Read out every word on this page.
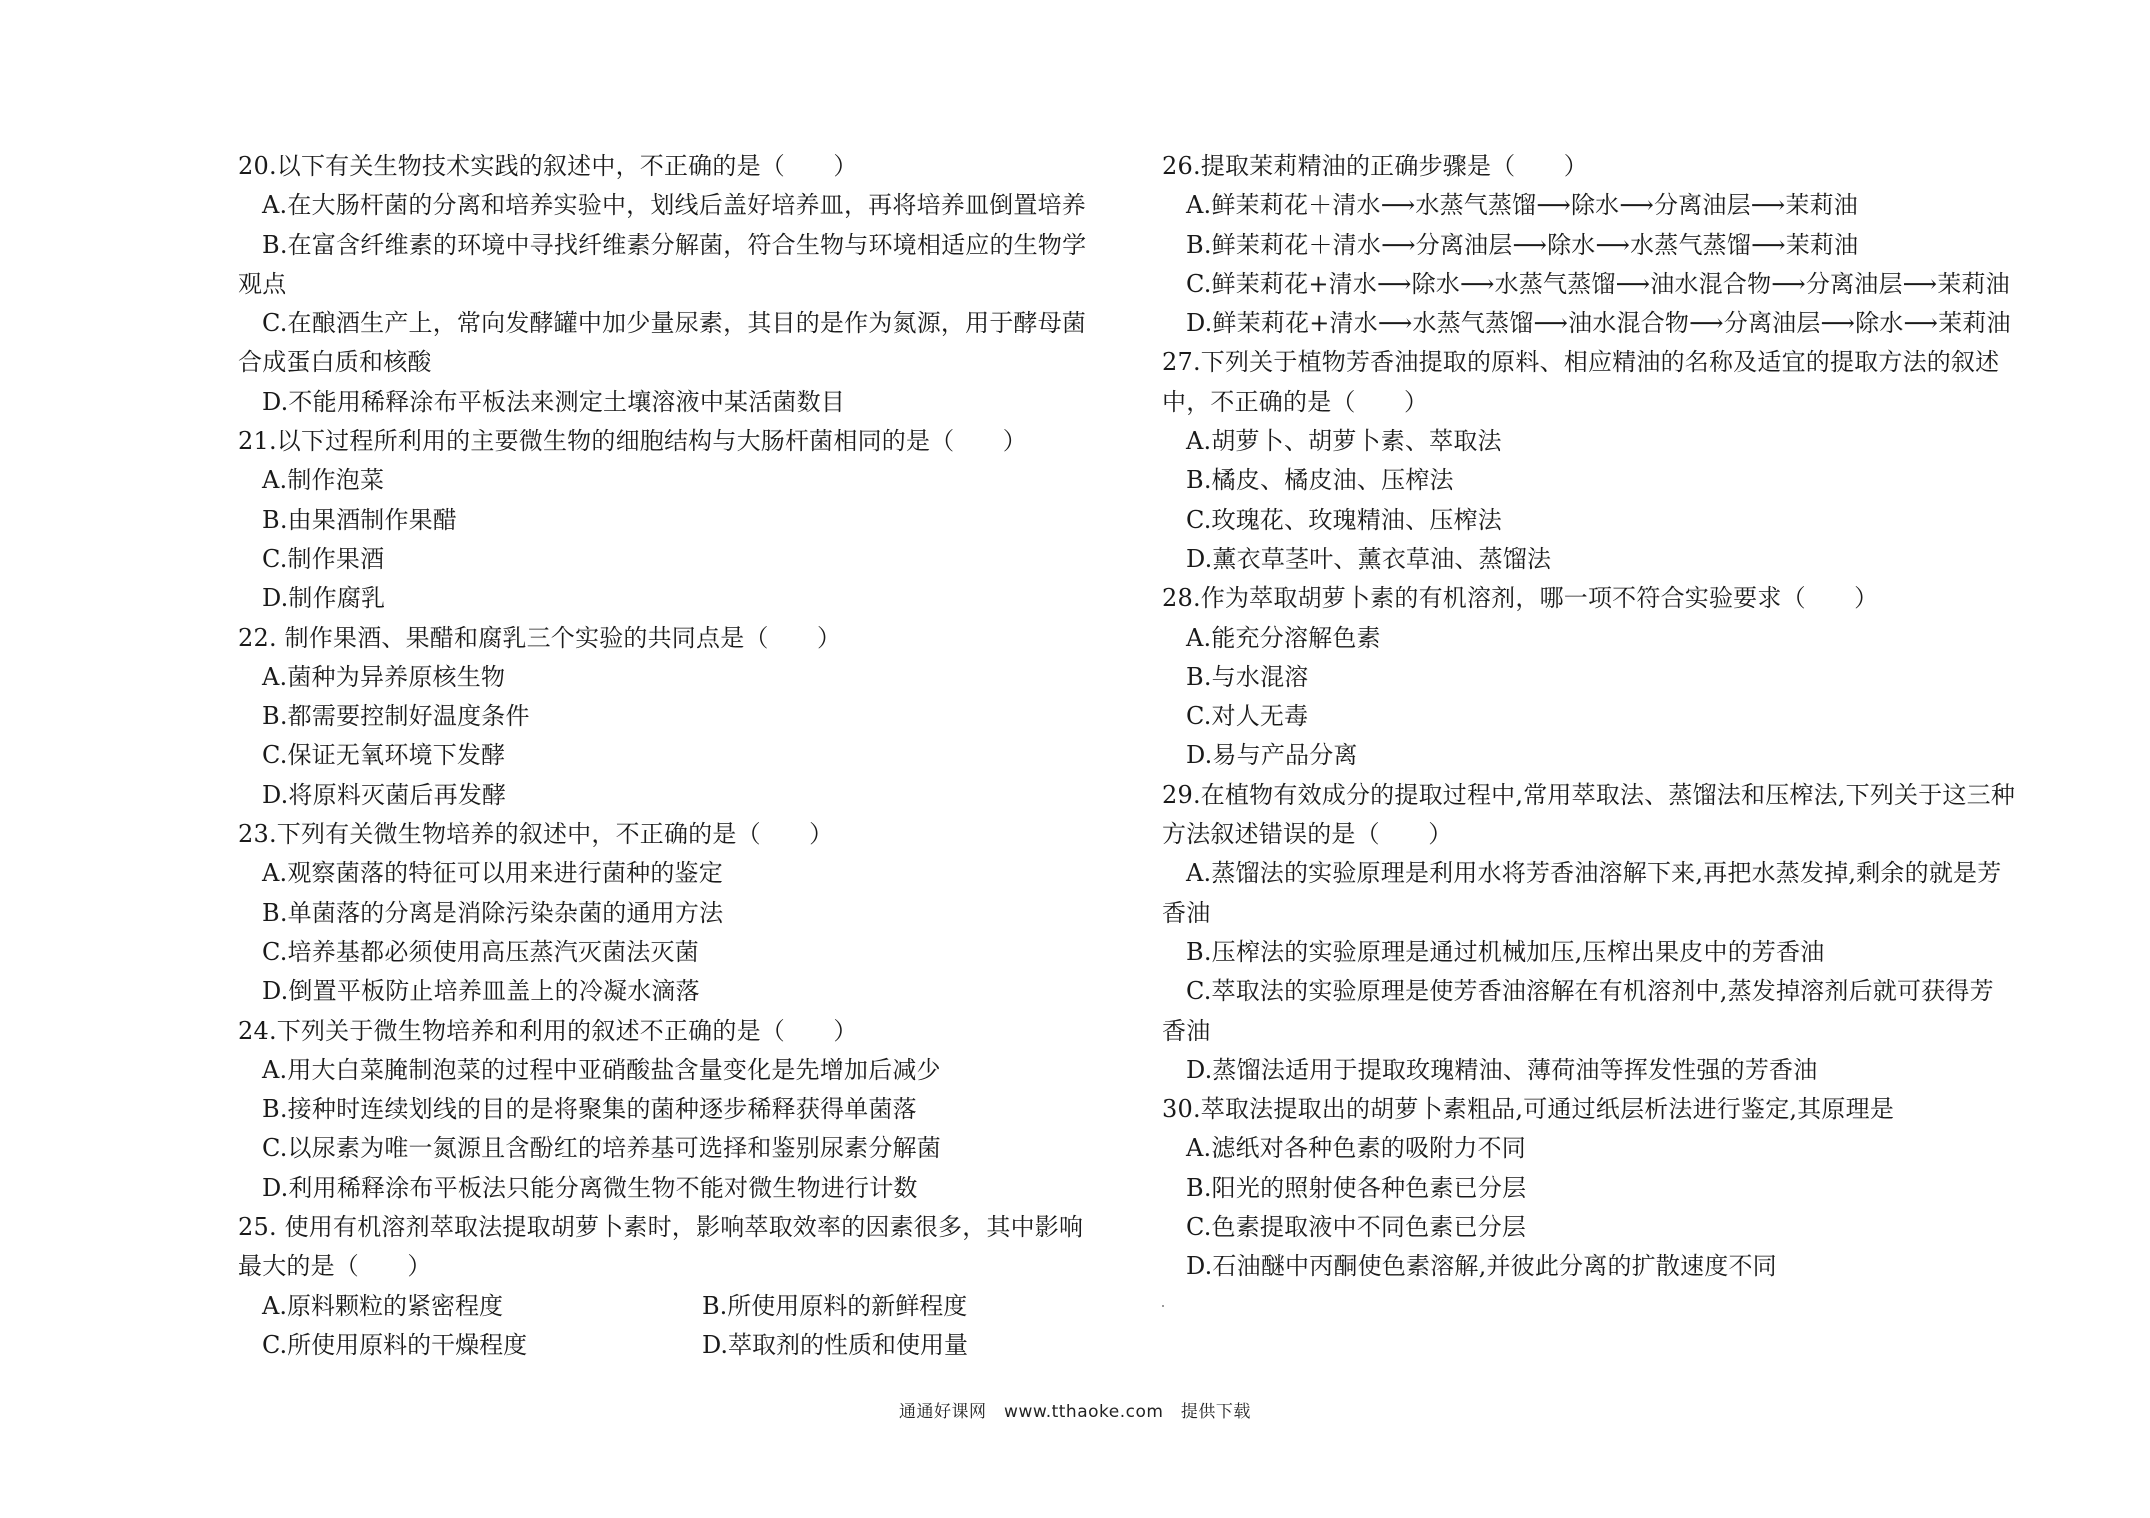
20.以下有关生物技术实践的叙述中，不正确的是（　　）
A.在大肠杆菌的分离和培养实验中，划线后盖好培养皿，再将培养皿倒置培养
B.在富含纤维素的环境中寻找纤维素分解菌，符合生物与环境相适应的生物学
观点
C.在酿酒生产上，常向发酵罐中加少量尿素，其目的是作为氮源，用于酵母菌
合成蛋白质和核酸
D.不能用稀释涂布平板法来测定土壤溶液中某活菌数目
21.以下过程所利用的主要微生物的细胞结构与大肠杆菌相同的是（　　）
A.制作泡菜
B.由果酒制作果醋
C.制作果酒
D.制作腐乳
22. 制作果酒、果醋和腐乳三个实验的共同点是（　　）
A.菌种为异养原核生物
B.都需要控制好温度条件
C.保证无氧环境下发酵
D.将原料灭菌后再发酵
23.下列有关微生物培养的叙述中，不正确的是（　　）
A.观察菌落的特征可以用来进行菌种的鉴定
B.单菌落的分离是消除污染杂菌的通用方法
C.培养基都必须使用高压蒸汽灭菌法灭菌
D.倒置平板防止培养皿盖上的冷凝水滴落
24.下列关于微生物培养和利用的叙述不正确的是（　　）
A.用大白菜腌制泡菜的过程中亚硝酸盐含量变化是先增加后减少
B.接种时连续划线的目的是将聚集的菌种逐步稀释获得单菌落
C.以尿素为唯一氮源且含酚红的培养基可选择和鉴别尿素分解菌
D.利用稀释涂布平板法只能分离微生物不能对微生物进行计数
25. 使用有机溶剂萃取法提取胡萝卜素时，影响萃取效率的因素很多，其中影响
最大的是（　　）
A.原料颗粒的紧密程度	B.所使用原料的新鲜程度
C.所使用原料的干燥程度	D.萃取剂的性质和使用量
26.提取茉莉精油的正确步骤是（　　）
A.鲜茉莉花＋清水⟶水蒸气蒸馏⟶除水⟶分离油层⟶茉莉油
B.鲜茉莉花＋清水⟶分离油层⟶除水⟶水蒸气蒸馏⟶茉莉油
C.鲜茉莉花+清水⟶除水⟶水蒸气蒸馏⟶油水混合物⟶分离油层⟶茉莉油
D.鲜茉莉花+清水⟶水蒸气蒸馏⟶油水混合物⟶分离油层⟶除水⟶茉莉油
27.下列关于植物芳香油提取的原料、相应精油的名称及适宜的提取方法的叙述
中，不正确的是（　　）
A.胡萝卜、胡萝卜素、萃取法
B.橘皮、橘皮油、压榨法
C.玫瑰花、玫瑰精油、压榨法
D.薰衣草茎叶、薰衣草油、蒸馏法
28.作为萃取胡萝卜素的有机溶剂，哪一项不符合实验要求（　　）
A.能充分溶解色素
B.与水混溶
C.对人无毒
D.易与产品分离
29.在植物有效成分的提取过程中,常用萃取法、蒸馏法和压榨法,下列关于这三种
方法叙述错误的是（　　）
A.蒸馏法的实验原理是利用水将芳香油溶解下来,再把水蒸发掉,剩余的就是芳
香油
B.压榨法的实验原理是通过机械加压,压榨出果皮中的芳香油
C.萃取法的实验原理是使芳香油溶解在有机溶剂中,蒸发掉溶剂后就可获得芳
香油
D.蒸馏法适用于提取玫瑰精油、薄荷油等挥发性强的芳香油
30.萃取法提取出的胡萝卜素粗品,可通过纸层析法进行鉴定,其原理是
A.滤纸对各种色素的吸附力不同
B.阳光的照射使各种色素已分层
C.色素提取液中不同色素已分层
D.石油醚中丙酮使色素溶解,并彼此分离的扩散速度不同
通通好课网　www.tthaoke.com　提供下载
